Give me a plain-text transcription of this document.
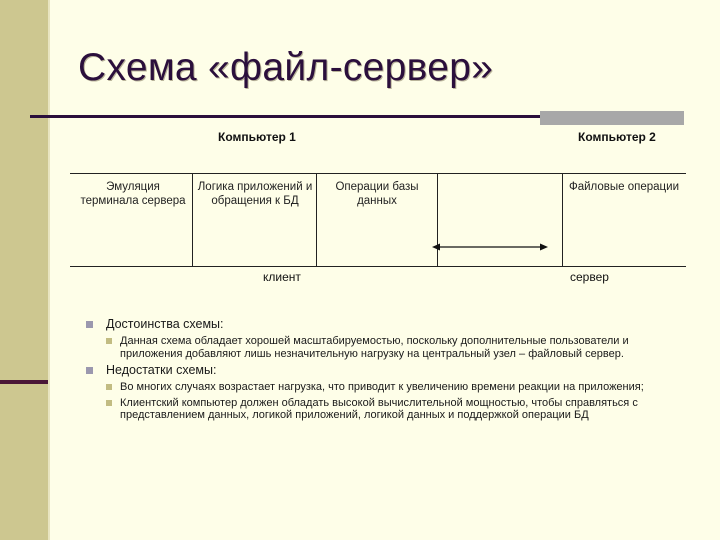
Схема «файл-сервер»
Компьютер 1	Компьютер 2
Эмуляция терминала сервера
Логика приложений и обращения к БД
Операции базы данных
Файловые операции
клиент	сервер
Достоинства схемы:
Данная схема обладает хорошей масштабируемостью, поскольку дополнительные пользователи и приложения добавляют лишь незначительную нагрузку на центральный узел – файловый сервер.
Недостатки схемы:
Во многих случаях возрастает нагрузка, что приводит к увеличению времени реакции на приложения;
Клиентский компьютер должен обладать высокой вычислительной мощностью, чтобы справляться с представлением данных, логикой приложений, логикой данных и поддержкой операции БД
